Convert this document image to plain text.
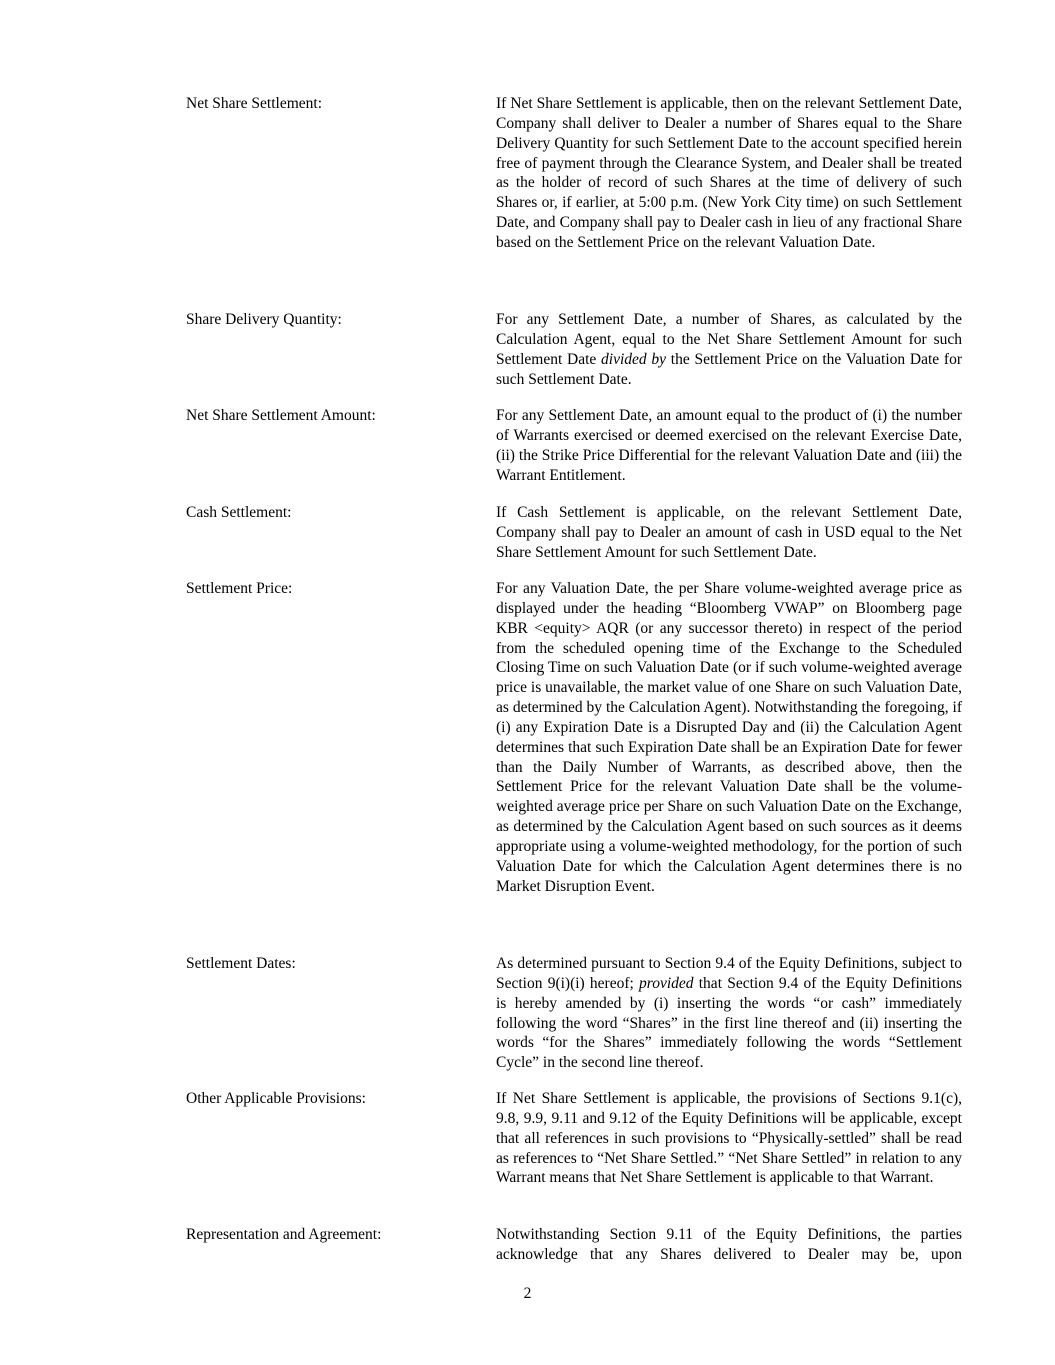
Net Share Settlement:	If Net Share Settlement is applicable, then on the relevant Settlement Date, Company shall deliver to Dealer a number of Shares equal to the Share Delivery Quantity for such Settlement Date to the account specified herein free of payment through the Clearance System, and Dealer shall be treated as the holder of record of such Shares at the time of delivery of such Shares or, if earlier, at 5:00 p.m. (New York City time) on such Settlement Date, and Company shall pay to Dealer cash in lieu of any fractional Share based on the Settlement Price on the relevant Valuation Date.
Share Delivery Quantity:	For any Settlement Date, a number of Shares, as calculated by the Calculation Agent, equal to the Net Share Settlement Amount for such Settlement Date divided by the Settlement Price on the Valuation Date for such Settlement Date.
Net Share Settlement Amount:	For any Settlement Date, an amount equal to the product of (i) the number of Warrants exercised or deemed exercised on the relevant Exercise Date, (ii) the Strike Price Differential for the relevant Valuation Date and (iii) the Warrant Entitlement.
Cash Settlement:	If Cash Settlement is applicable, on the relevant Settlement Date, Company shall pay to Dealer an amount of cash in USD equal to the Net Share Settlement Amount for such Settlement Date.
Settlement Price:	For any Valuation Date, the per Share volume-weighted average price as displayed under the heading “Bloomberg VWAP” on Bloomberg page KBR <equity> AQR (or any successor thereto) in respect of the period from the scheduled opening time of the Exchange to the Scheduled Closing Time on such Valuation Date (or if such volume-weighted average price is unavailable, the market value of one Share on such Valuation Date, as determined by the Calculation Agent). Notwithstanding the foregoing, if (i) any Expiration Date is a Disrupted Day and (ii) the Calculation Agent determines that such Expiration Date shall be an Expiration Date for fewer than the Daily Number of Warrants, as described above, then the Settlement Price for the relevant Valuation Date shall be the volume-weighted average price per Share on such Valuation Date on the Exchange, as determined by the Calculation Agent based on such sources as it deems appropriate using a volume-weighted methodology, for the portion of such Valuation Date for which the Calculation Agent determines there is no Market Disruption Event.
Settlement Dates:	As determined pursuant to Section 9.4 of the Equity Definitions, subject to Section 9(i)(i) hereof; provided that Section 9.4 of the Equity Definitions is hereby amended by (i) inserting the words “or cash” immediately following the word “Shares” in the first line thereof and (ii) inserting the words “for the Shares” immediately following the words “Settlement Cycle” in the second line thereof.
Other Applicable Provisions:	If Net Share Settlement is applicable, the provisions of Sections 9.1(c), 9.8, 9.9, 9.11 and 9.12 of the Equity Definitions will be applicable, except that all references in such provisions to “Physically-settled” shall be read as references to “Net Share Settled.” “Net Share Settled” in relation to any Warrant means that Net Share Settlement is applicable to that Warrant.
Representation and Agreement:	Notwithstanding Section 9.11 of the Equity Definitions, the parties acknowledge that any Shares delivered to Dealer may be, upon
2
